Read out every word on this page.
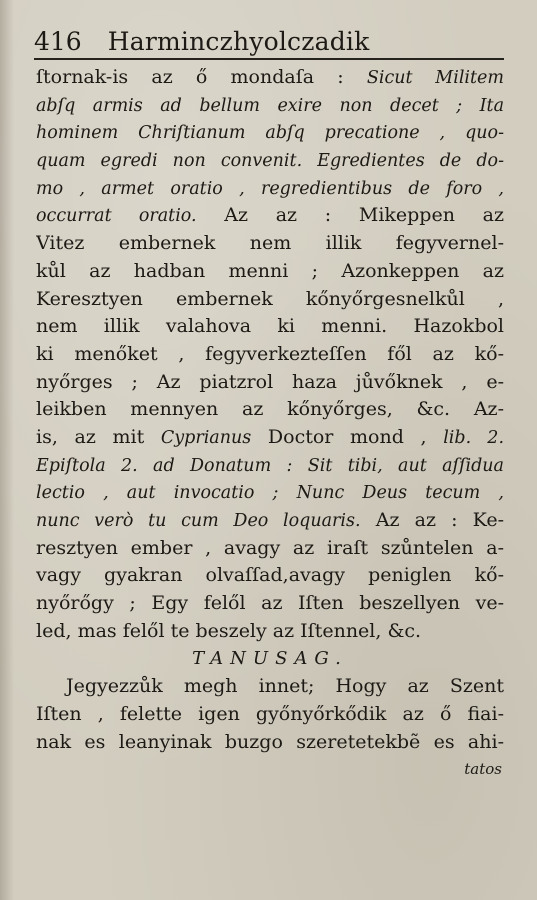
416 Harminczhyolczadik
ſtornak-is az ő mondaſa : Sicut Militem
abſq armis ad bellum exire non decet ; Ita
hominem Chriſtianum abſq precatione , quo-
quam egredi non convenit. Egredientes de do-
mo , armet oratio , regredientibus de foro ,
occurrat oratio. Az az : Mikeppen az
Vitez embernek nem illik fegyvernel-
kůl az hadban menni ; Azonkeppen az
Keresztyen embernek kőnyőrgesnelkůl ,
nem illik valahova ki menni. Hazokbol
ki menőket , fegyverkezteſſen fől az kő-
nyőrges ; Az piatzrol haza jůvőknek , e-
leikben mennyen az kőnyőrges, &c. Az-
is, az mit Cyprianus Doctor mond , lib. 2.
Epiſtola 2. ad Donatum : Sit tibi, aut aſſidua
lectio , aut invocatio ; Nunc Deus tecum ,
nunc verò tu cum Deo loquaris. Az az : Ke-
resztyen ember , avagy az iraſt szůntelen a-
vagy gyakran olvaſſad,avagy peniglen kő-
nyőrőgy ; Egy felől az Iſten beszellyen ve-
led, mas felől te beszely az Iſtennel, &c.
TANUSAG.
Jegyezzůk megh innet; Hogy az Szent
Iſten , felette igen győnyőrkődik az ő fiai-
nak es leanyinak buzgo szeretetekbẽ es ahi-
tatos
